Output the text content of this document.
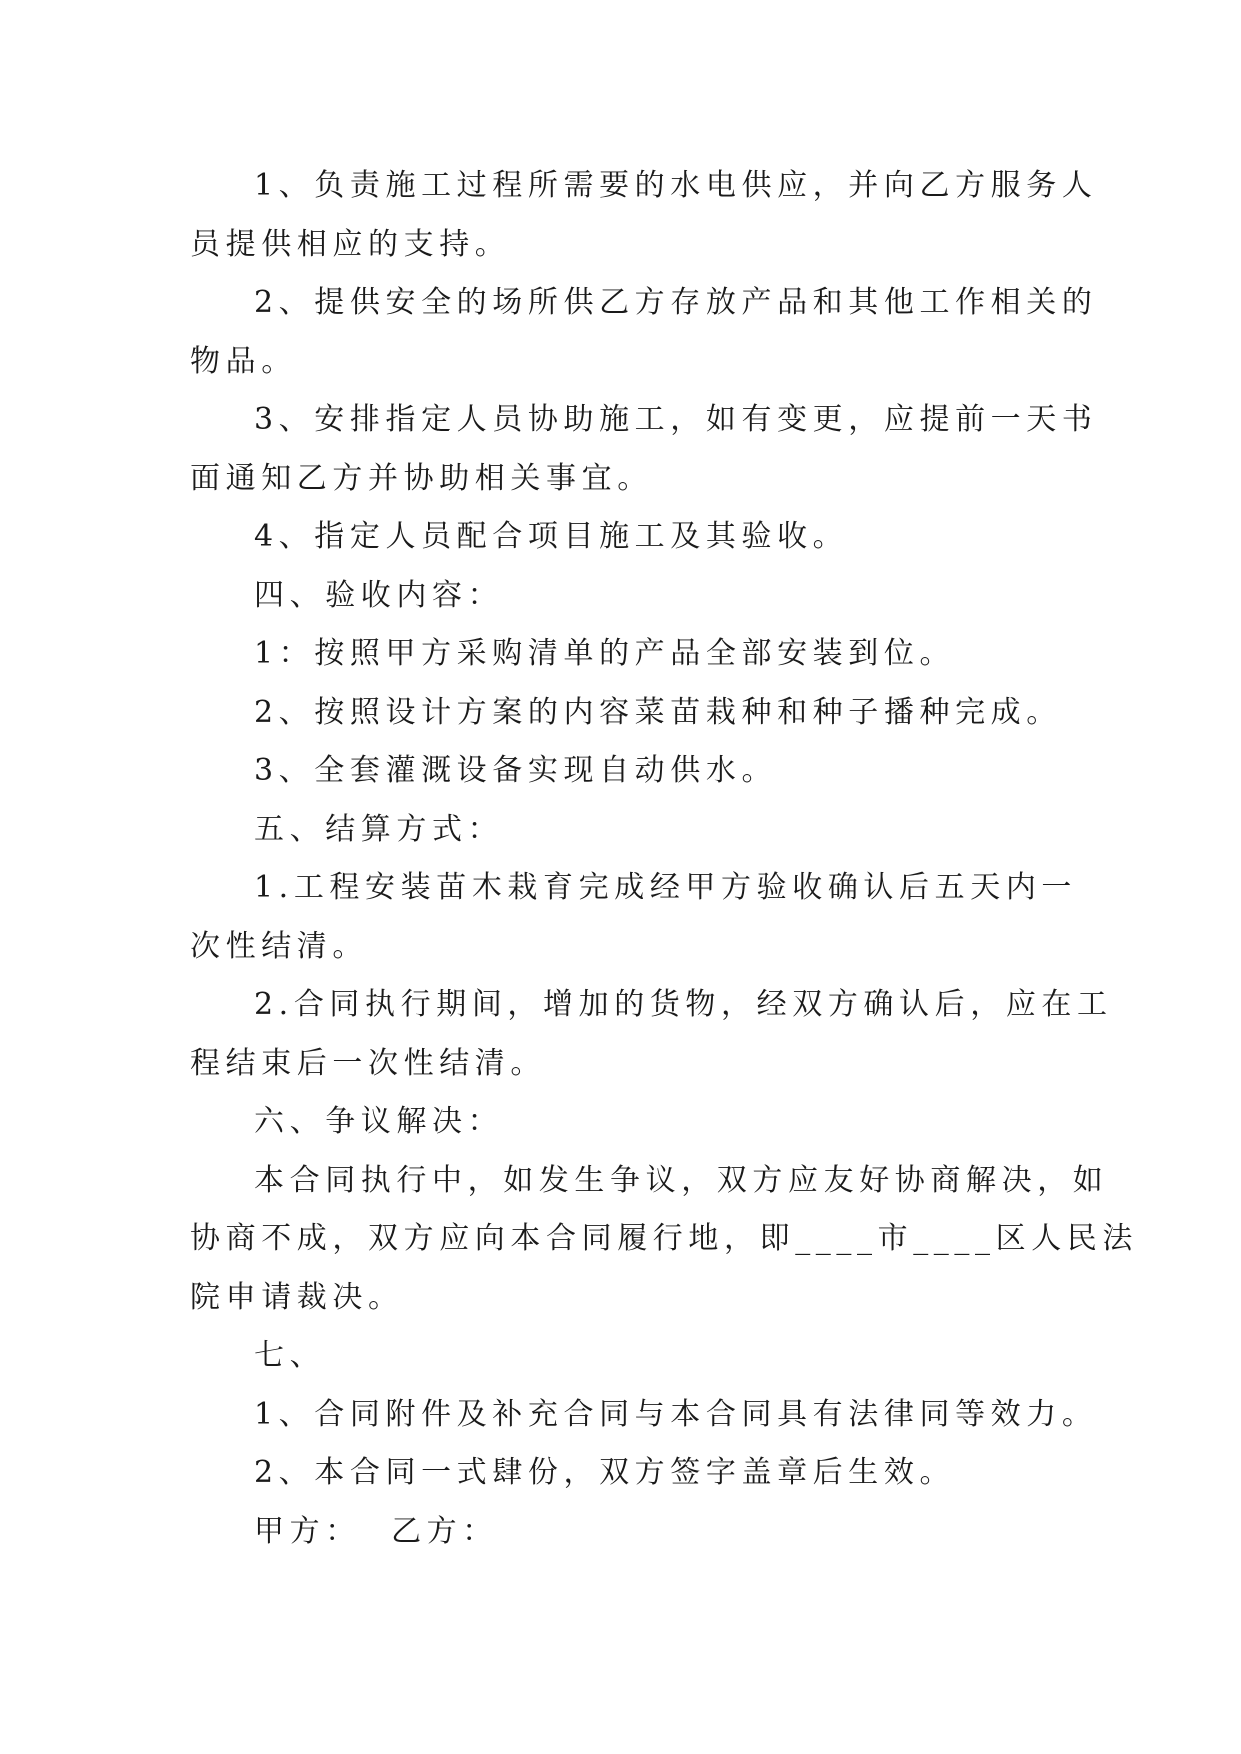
1、负责施工过程所需要的水电供应，并向乙方服务人
员提供相应的支持。
2、提供安全的场所供乙方存放产品和其他工作相关的
物品。
3、安排指定人员协助施工，如有变更，应提前一天书
面通知乙方并协助相关事宜。
4、指定人员配合项目施工及其验收。
四、验收内容：
1：按照甲方采购清单的产品全部安装到位。
2、按照设计方案的内容菜苗栽种和种子播种完成。
3、全套灌溉设备实现自动供水。
五、结算方式：
1.工程安装苗木栽育完成经甲方验收确认后五天内一
次性结清。
2.合同执行期间，增加的货物，经双方确认后，应在工
程结束后一次性结清。
六、争议解决：
本合同执行中，如发生争议，双方应友好协商解决，如
协商不成，双方应向本合同履行地，即____市____区人民法
院申请裁决。
七、
1、合同附件及补充合同与本合同具有法律同等效力。
2、本合同一式肆份，双方签字盖章后生效。
甲方：  乙方：
